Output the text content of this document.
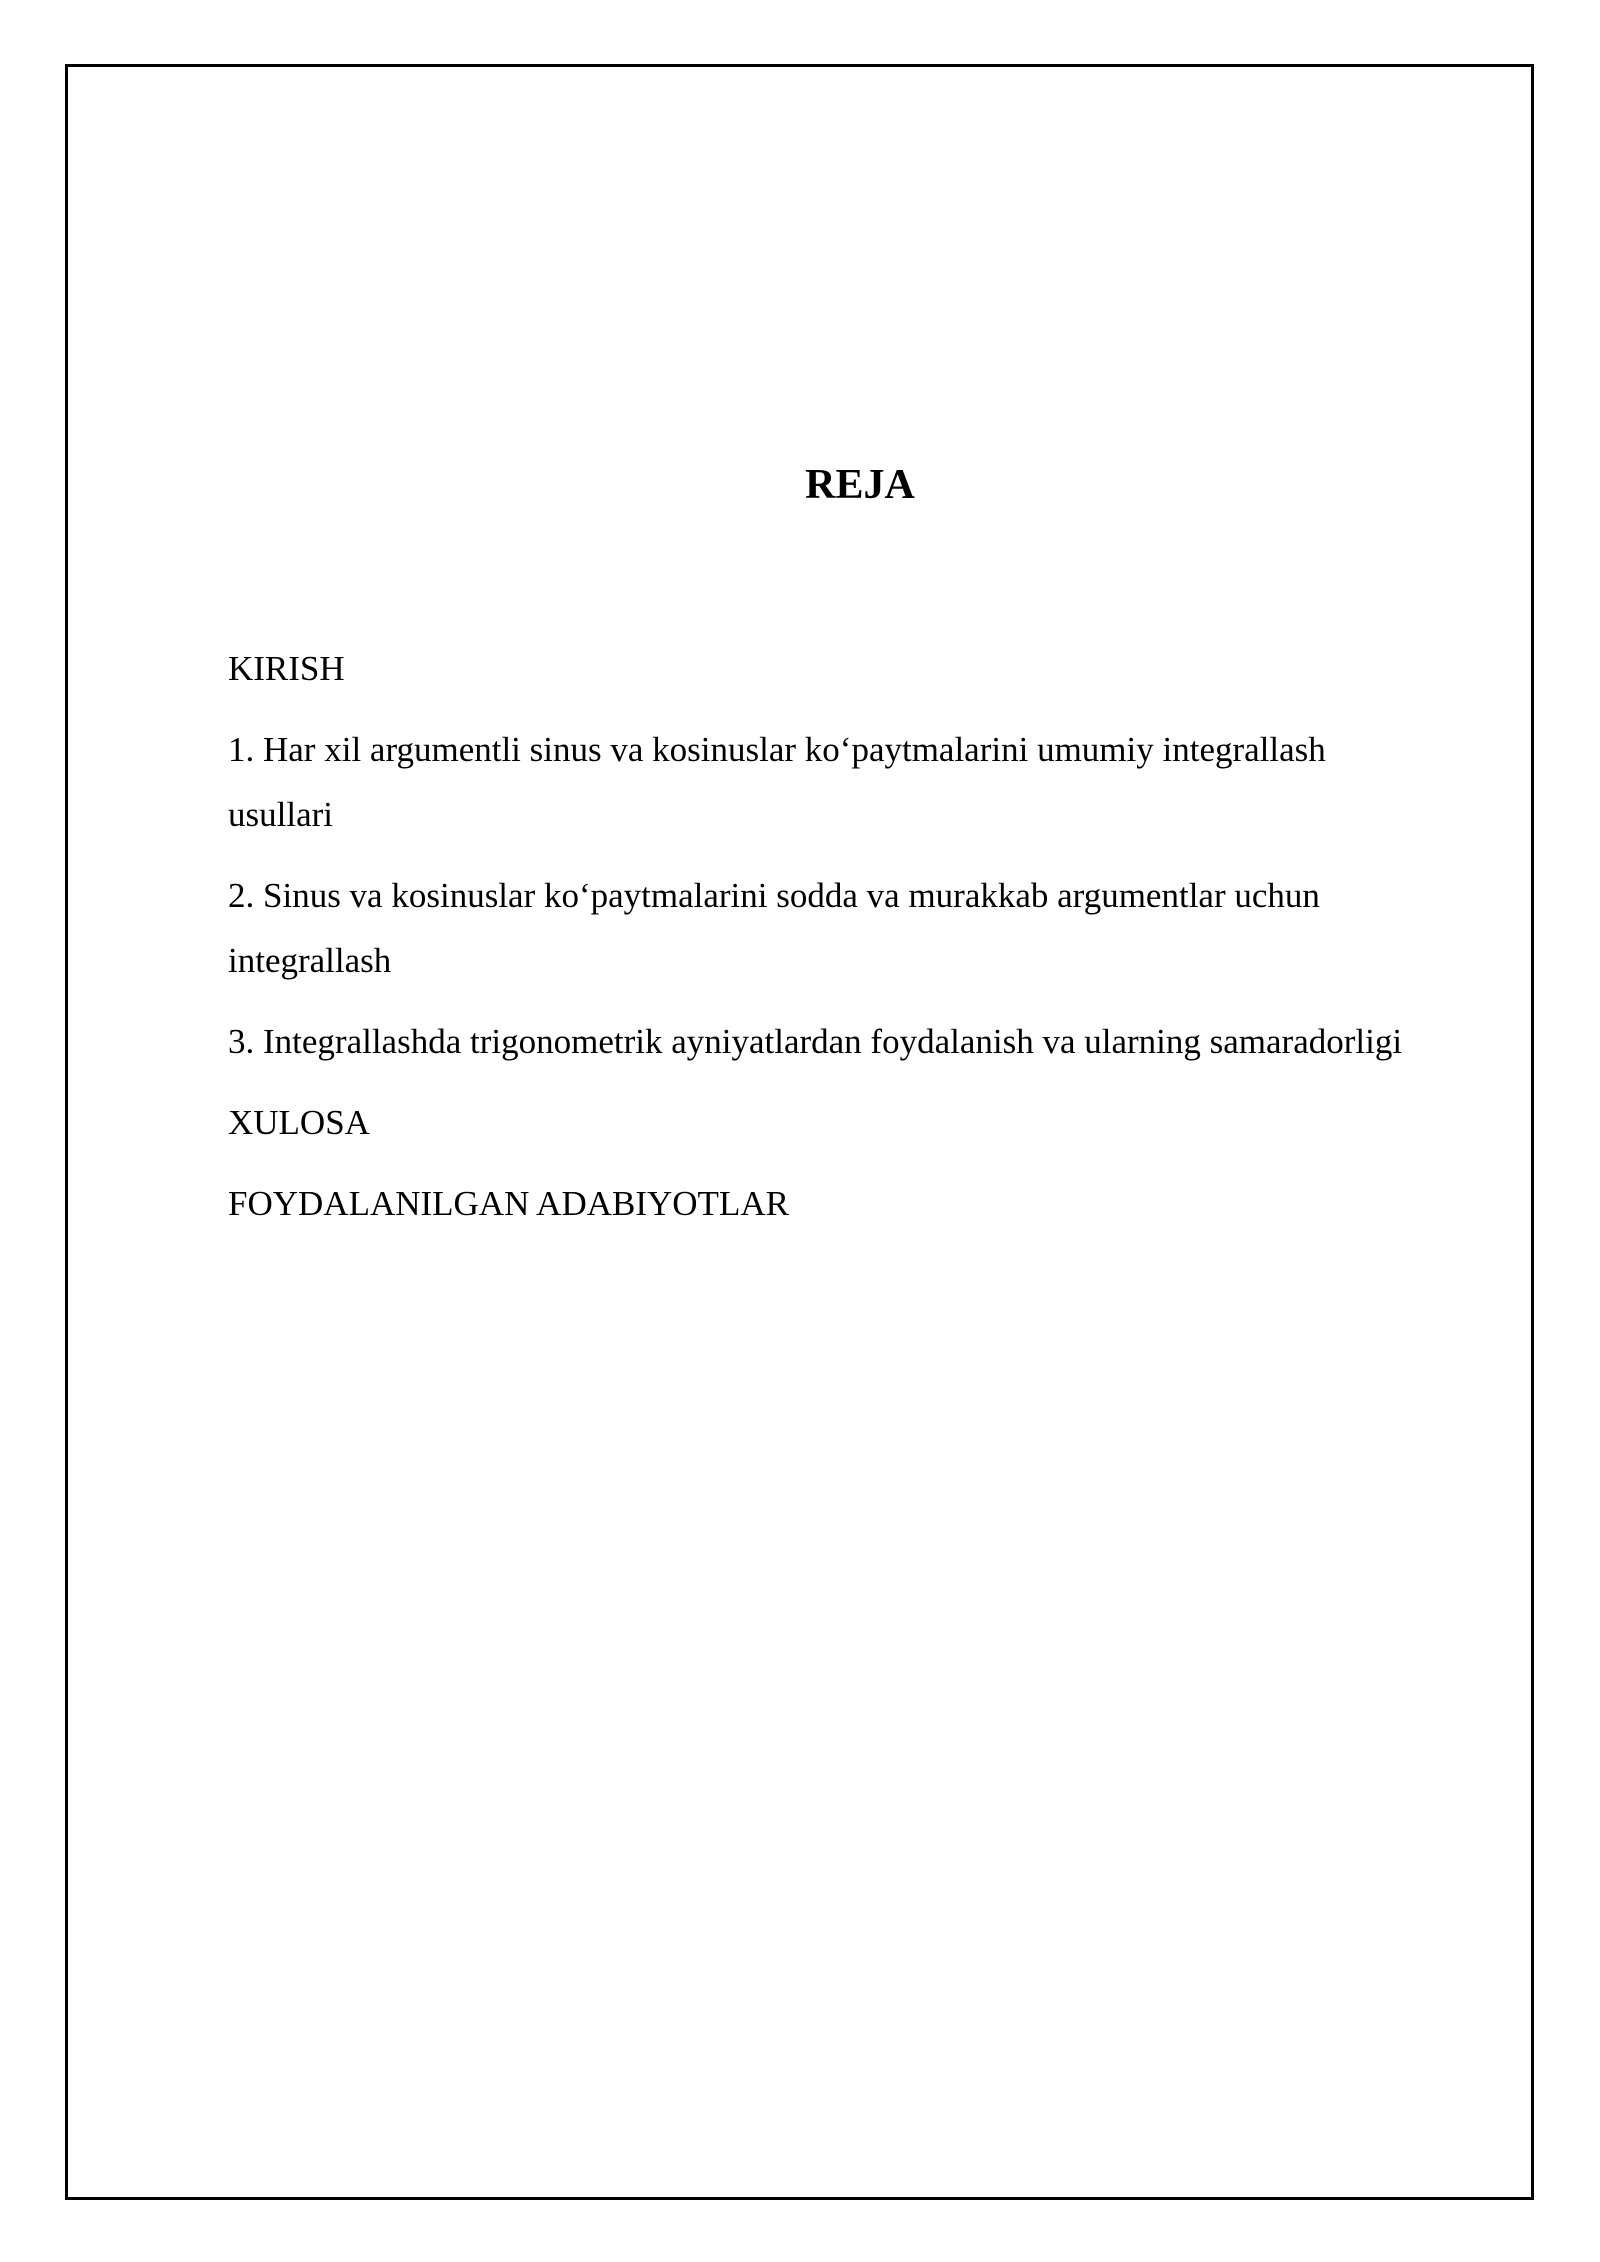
REJA
KIRISH
1. Har xil argumentli sinus va kosinuslar koʻpaytmalarini umumiy integrallash usullari
2. Sinus va kosinuslar koʻpaytmalarini sodda va murakkab argumentlar uchun integrallash
3. Integrallashda trigonometrik ayniyatlardan foydalanish va ularning samaradorligi
XULOSA
FOYDALANILGAN ADABIYOTLAR
